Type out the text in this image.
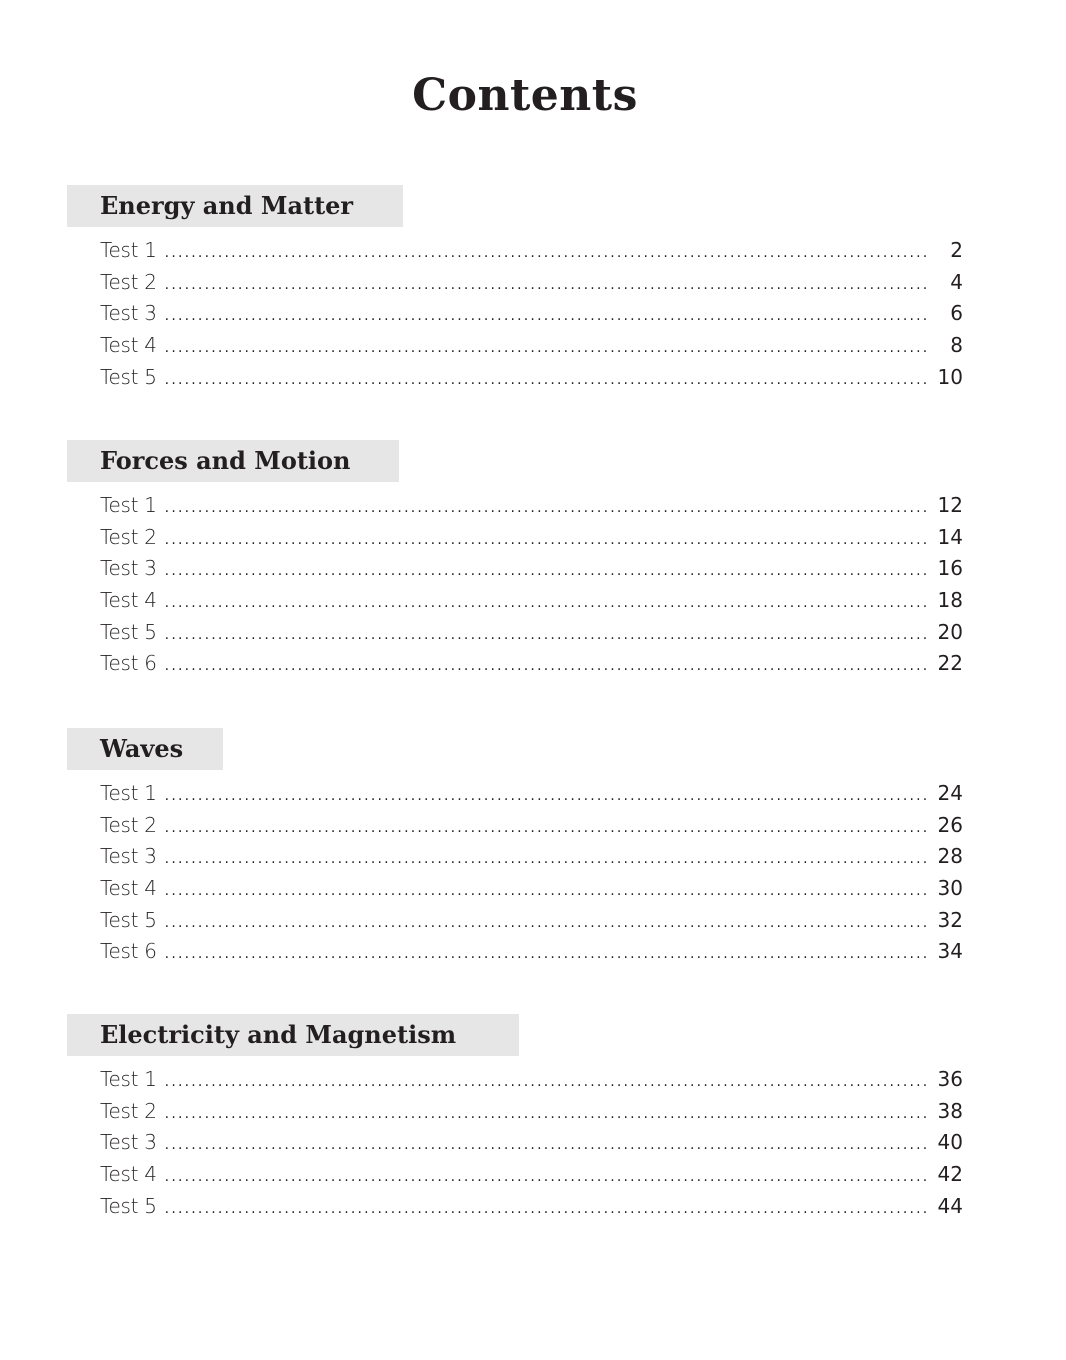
Contents
Energy and Matter
Test 1 .....	2
Test 2 .....	4
Test 3 .....	6
Test 4 .....	8
Test 5 .....	10
Forces and Motion
Test 1 .....	12
Test 2 .....	14
Test 3 .....	16
Test 4 .....	18
Test 5 .....	20
Test 6 .....	22
Waves
Test 1 .....	24
Test 2 .....	26
Test 3 .....	28
Test 4 .....	30
Test 5 .....	32
Test 6 .....	34
Electricity and Magnetism
Test 1 .....	36
Test 2 .....	38
Test 3 .....	40
Test 4 .....	42
Test 5 .....	44
